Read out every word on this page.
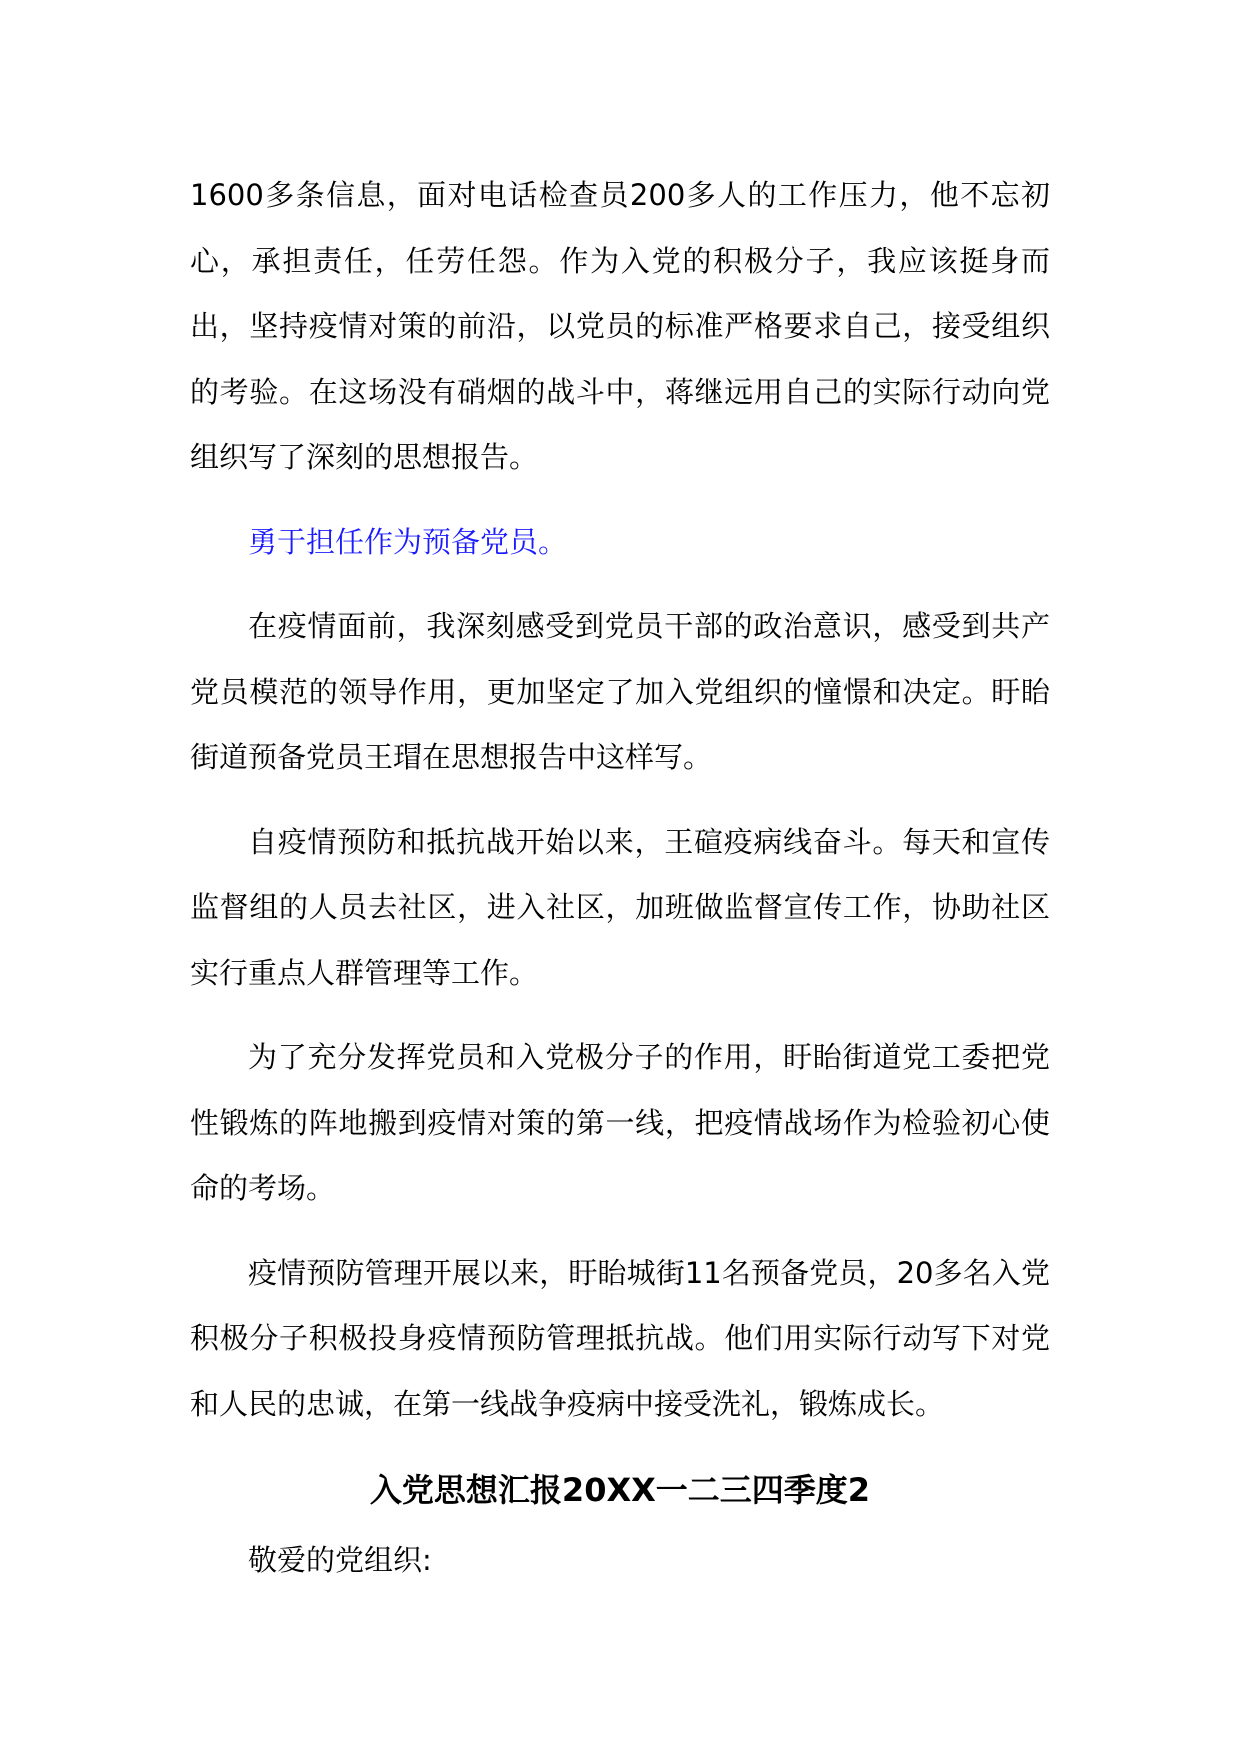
1600多条信息，面对电话检查员200多人的工作压力，他不忘初心，承担责任，任劳任怨。作为入党的积极分子，我应该挺身而出，坚持疫情对策的前沿，以党员的标准严格要求自己，接受组织的考验。在这场没有硝烟的战斗中，蒋继远用自己的实际行动向党组织写了深刻的思想报告。

勇于担任作为预备党员。

在疫情面前，我深刻感受到党员干部的政治意识，感受到共产党员模范的领导作用，更加坚定了加入党组织的憧憬和决定。盱眙街道预备党员王瑁在思想报告中这样写。

自疫情预防和抵抗战开始以来，王碹疫病线奋斗。每天和宣传监督组的人员去社区，进入社区，加班做监督宣传工作，协助社区实行重点人群管理等工作。

为了充分发挥党员和入党极分子的作用，盱眙街道党工委把党性锻炼的阵地搬到疫情对策的第一线，把疫情战场作为检验初心使命的考场。

疫情预防管理开展以来，盱眙城街11名预备党员，20多名入党积极分子积极投身疫情预防管理抵抗战。他们用实际行动写下对党和人民的忠诚，在第一线战争疫病中接受洗礼，锻炼成长。

入党思想汇报20XX一二三四季度2

敬爱的党组织:
